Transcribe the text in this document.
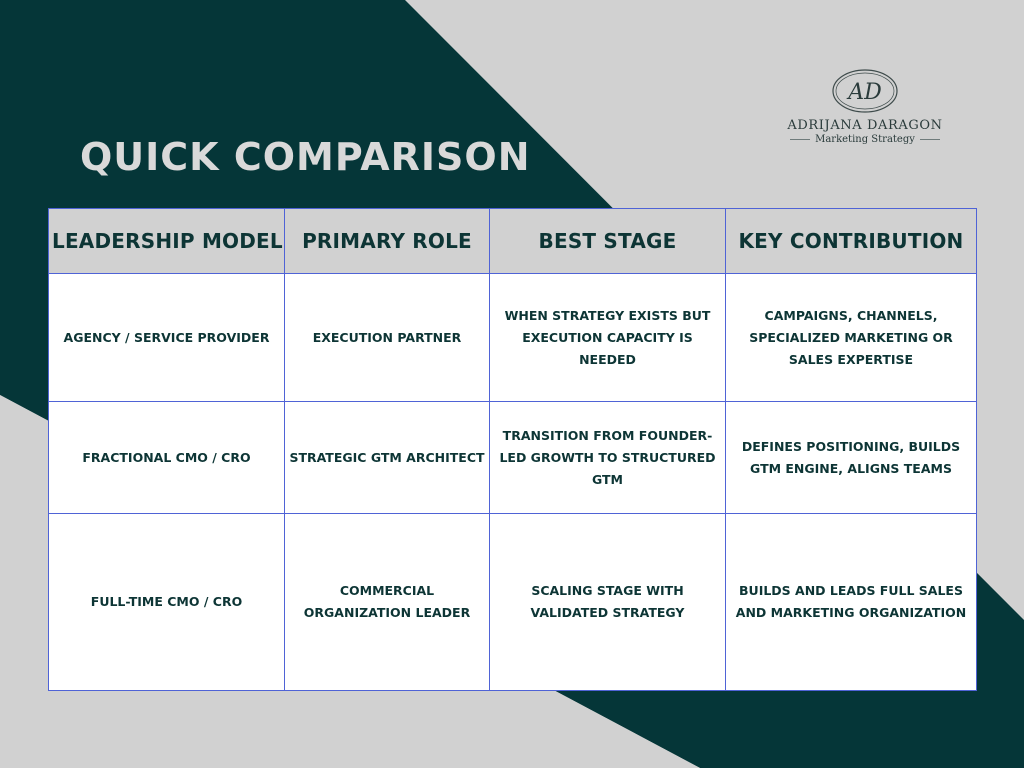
AD
ADRIJANA DARAGON
Marketing Strategy
QUICK COMPARISON
LEADERSHIP MODEL	PRIMARY ROLE	BEST STAGE	KEY CONTRIBUTION
AGENCY / SERVICE PROVIDER	EXECUTION PARTNER	WHEN STRATEGY EXISTS BUT EXECUTION CAPACITY IS NEEDED	CAMPAIGNS, CHANNELS, SPECIALIZED MARKETING OR SALES EXPERTISE
FRACTIONAL CMO / CRO	STRATEGIC GTM ARCHITECT	TRANSITION FROM FOUNDER-LED GROWTH TO STRUCTURED GTM	DEFINES POSITIONING, BUILDS GTM ENGINE, ALIGNS TEAMS
FULL-TIME CMO / CRO	COMMERCIAL ORGANIZATION LEADER	SCALING STAGE WITH VALIDATED STRATEGY	BUILDS AND LEADS FULL SALES AND MARKETING ORGANIZATION
